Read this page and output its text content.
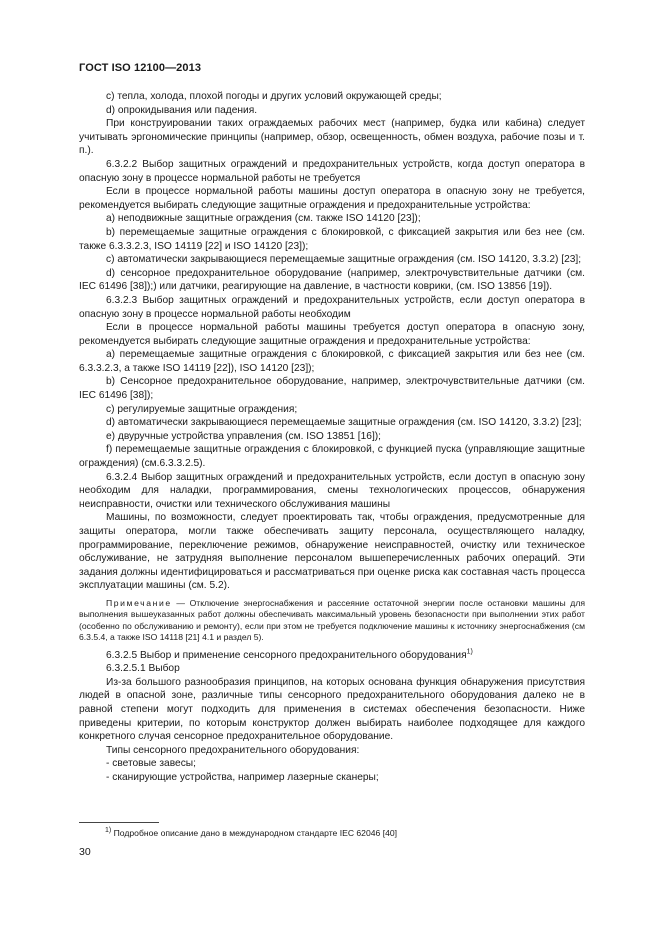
ГОСТ ISO 12100—2013

c) тепла, холода, плохой погоды и других условий окружающей среды;

d) опрокидывания или падения.

При конструировании таких ограждаемых рабочих мест (например, будка или кабина) следует учитывать эргономические принципы (например, обзор, освещенность, обмен воздуха, рабочие позы и т. п.).

6.3.2.2 Выбор защитных ограждений и предохранительных устройств, когда доступ оператора в опасную зону в процессе нормальной работы не требуется

Если в процессе нормальной работы машины доступ оператора в опасную зону не требуется, рекомендуется выбирать следующие защитные ограждения и предохранительные устройства:

a) неподвижные защитные ограждения (см. также ISO 14120 [23]);

b) перемещаемые защитные ограждения с блокировкой, с фиксацией закрытия или без нее (см. также 6.3.3.2.3, ISO 14119 [22] и ISO 14120 [23]);

c) автоматически закрывающиеся перемещаемые защитные ограждения (см. ISO 14120, 3.3.2) [23];

d) сенсорное предохранительное оборудование (например, электрочувствительные датчики (см. IEC 61496 [38]);) или датчики, реагирующие на давление, в частности коврики, (см. ISO 13856 [19]).

6.3.2.3 Выбор защитных ограждений и предохранительных устройств, если доступ оператора в опасную зону в процессе нормальной работы необходим

Если в процессе нормальной работы машины требуется доступ оператора в опасную зону, рекомендуется выбирать следующие защитные ограждения и предохранительные устройства:

a) перемещаемые защитные ограждения с блокировкой, с фиксацией закрытия или без нее (см. 6.3.3.2.3, а также ISO 14119 [22]), ISO 14120 [23]);

b) Сенсорное предохранительное оборудование, например, электрочувствительные датчики (см. IEC 61496 [38]);

c) регулируемые защитные ограждения;

d) автоматически закрывающиеся перемещаемые защитные ограждения (см. ISO 14120, 3.3.2) [23];

e) двуручные устройства управления (см. ISO 13851 [16]);

f) перемещаемые защитные ограждения с блокировкой, с функцией пуска (управляющие защитные ограждения) (см.6.3.3.2.5).

6.3.2.4 Выбор защитных ограждений и предохранительных устройств, если доступ в опасную зону необходим для наладки, программирования, смены технологических процессов, обнаружения неисправности, очистки или технического обслуживания машины

Машины, по возможности, следует проектировать так, чтобы ограждения, предусмотренные для защиты оператора, могли также обеспечивать защиту персонала, осуществляющего наладку, программирование, переключение режимов, обнаружение неисправностей, очистку или техническое обслуживание, не затрудняя выполнение персоналом вышеперечисленных рабочих операций. Эти задания должны идентифицироваться и рассматриваться при оценке риска как составная часть процесса эксплуатации машины (см. 5.2).

Примечание — Отключение энергоснабжения и рассеяние остаточной энергии после остановки машины для выполнения вышеуказанных работ должны обеспечивать максимальный уровень безопасности при выполнении этих работ (особенно по обслуживанию и ремонту), если при этом не требуется подключение машины к источнику энергоснабжения (см 6.3.5.4, а также ISO 14118 [21] 4.1 и раздел 5).

6.3.2.5 Выбор и применение сенсорного предохранительного оборудования$^{1)}$

6.3.2.5.1 Выбор

Из-за большого разнообразия принципов, на которых основана функция обнаружения присутствия людей в опасной зоне, различные типы сенсорного предохранительного оборудования далеко не в равной степени могут подходить для применения в системах обеспечения безопасности. Ниже приведены критерии, по которым конструктор должен выбирать наиболее подходящее для каждого конкретного случая сенсорное предохранительное оборудование.

Типы сенсорного предохранительного оборудования:

- световые завесы;

- сканирующие устройства, например лазерные сканеры;

$^{1)}$ Подробное описание дано в международном стандарте IEC 62046 [40]
30
